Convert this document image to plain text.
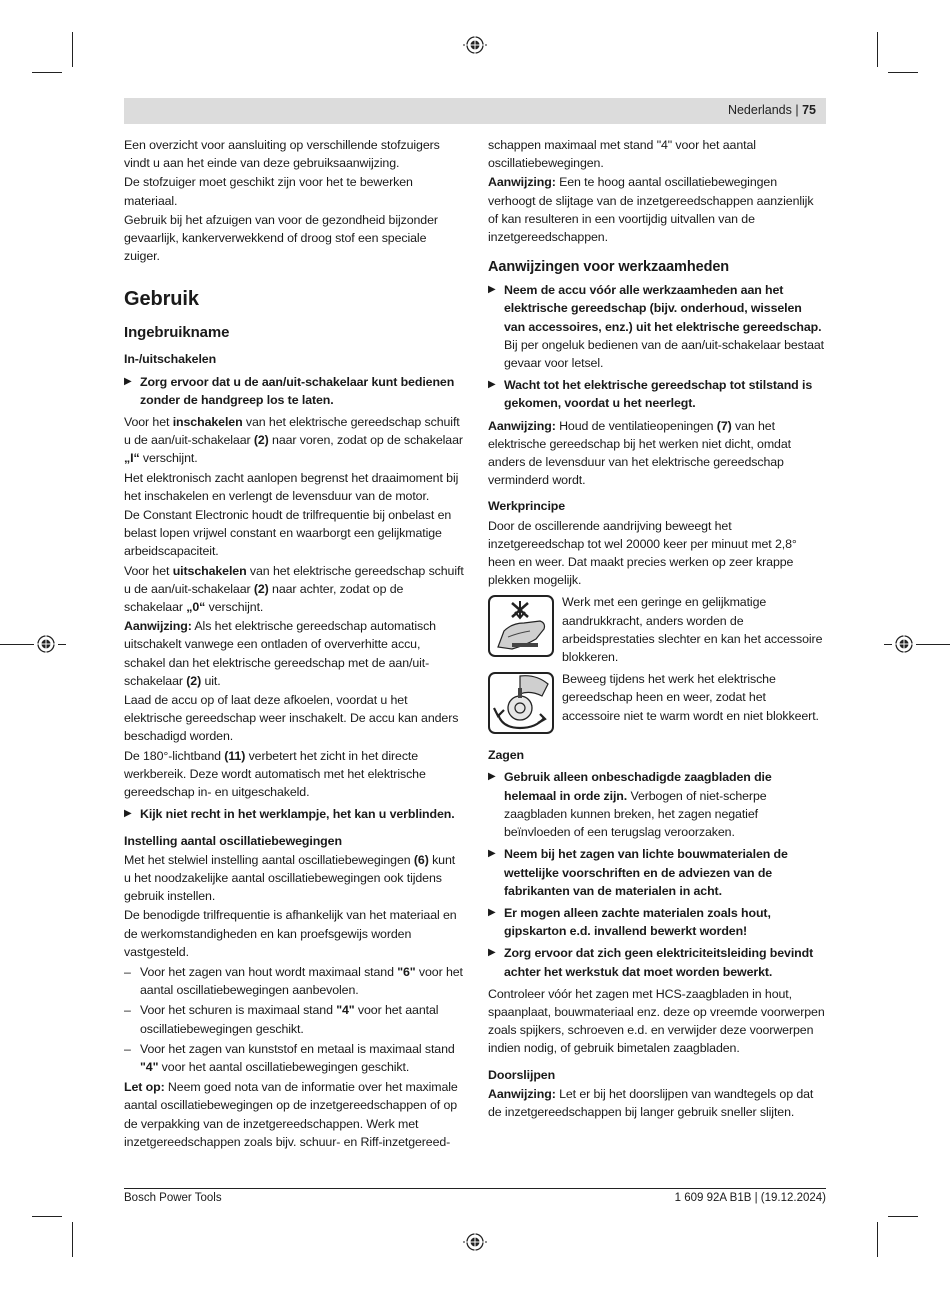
Nederlands | 75

Een overzicht voor aansluiting op verschillende stofzuigers vindt u aan het einde van deze gebruiksaanwijzing.

De stofzuiger moet geschikt zijn voor het te bewerken materiaal.

Gebruik bij het afzuigen van voor de gezondheid bijzonder gevaarlijk, kankerverwekkend of droog stof een speciale zuiger.

Gebruik
Ingebruikname

In-/uitschakelen

▶ Zorg ervoor dat u de aan/uit-schakelaar kunt bedienen zonder de handgreep los te laten.

Voor het inschakelen van het elektrische gereedschap schuift u de aan/uit-schakelaar (2) naar voren, zodat op de schakelaar „I“ verschijnt.

Het elektronisch zacht aanlopen begrenst het draaimoment bij het inschakelen en verlengt de levensduur van de motor.

De Constant Electronic houdt de trilfrequentie bij onbelast en belast lopen vrijwel constant en waarborgt een gelijkmatige arbeidscapaciteit.

Voor het uitschakelen van het elektrische gereedschap schuift u de aan/uit-schakelaar (2) naar achter, zodat op de schakelaar „0“ verschijnt.

Aanwijzing: Als het elektrische gereedschap automatisch uitschakelt vanwege een ontladen of oververhitte accu, schakel dan het elektrische gereedschap met de aan/uit-schakelaar (2) uit.

Laad de accu op of laat deze afkoelen, voordat u het elektrische gereedschap weer inschakelt. De accu kan anders beschadigd worden.

De 180°-lichtband (11) verbetert het zicht in het directe werkbereik. Deze wordt automatisch met het elektrische gereedschap in- en uitgeschakeld.

▶ Kijk niet recht in het werklampje, het kan u verblinden.

Instelling aantal oscillatiebewegingen

Met het stelwiel instelling aantal oscillatiebewegingen (6) kunt u het noodzakelijke aantal oscillatiebewegingen ook tijdens gebruik instellen.

De benodigde trilfrequentie is afhankelijk van het materiaal en de werkomstandigheden en kan proefsgewijs worden vastgesteld.

– Voor het zagen van hout wordt maximaal stand "6" voor het aantal oscillatiebewegingen aanbevolen.
– Voor het schuren is maximaal stand "4" voor het aantal oscillatiebewegingen geschikt.
– Voor het zagen van kunststof en metaal is maximaal stand "4" voor het aantal oscillatiebewegingen geschikt.

Let op: Neem goed nota van de informatie over het maximale aantal oscillatiebewegingen op de inzetgereedschappen of op de verpakking van de inzetgereedschappen. Werk met inzetgereedschappen zoals bijv. schuur- en Riff-inzetgereed-

schappen maximaal met stand "4" voor het aantal oscillatiebewegingen.

Aanwijzing: Een te hoog aantal oscillatiebewegingen verhoogt de slijtage van de inzetgereedschappen aanzienlijk of kan resulteren in een voortijdig uitvallen van de inzetgereedschappen.

Aanwijzingen voor werkzaamheden
▶ Neem de accu vóór alle werkzaamheden aan het elektrische gereedschap (bijv. onderhoud, wisselen van accessoires, enz.) uit het elektrische gereedschap. Bij per ongeluk bedienen van de aan/uit-schakelaar bestaat gevaar voor letsel.
▶ Wacht tot het elektrische gereedschap tot stilstand is gekomen, voordat u het neerlegt.

Aanwijzing: Houd de ventilatieopeningen (7) van het elektrische gereedschap bij het werken niet dicht, omdat anders de levensduur van het elektrische gereedschap verminderd wordt.

Werkprincipe

Door de oscillerende aandrijving beweegt het inzetgereedschap tot wel 20000 keer per minuut met 2,8° heen en weer. Dat maakt precies werken op zeer krappe plekken mogelijk.

Werk met een geringe en gelijkmatige aandrukkracht, anders worden de arbeidsprestaties slechter en kan het accessoire blokkeren.
Beweeg tijdens het werk het elektrische gereedschap heen en weer, zodat het accessoire niet te warm wordt en niet blokkeert.

Zagen

▶ Gebruik alleen onbeschadigde zaagbladen die helemaal in orde zijn. Verbogen of niet-scherpe zaagbladen kunnen breken, het zagen negatief beïnvloeden of een terugslag veroorzaken.
▶ Neem bij het zagen van lichte bouwmaterialen de wettelijke voorschriften en de adviezen van de fabrikanten van de materialen in acht.
▶ Er mogen alleen zachte materialen zoals hout, gipskarton e.d. invallend bewerkt worden!
▶ Zorg ervoor dat zich geen elektriciteitsleiding bevindt achter het werkstuk dat moet worden bewerkt.

Controleer vóór het zagen met HCS-zaagbladen in hout, spaanplaat, bouwmateriaal enz. deze op vreemde voorwerpen zoals spijkers, schroeven e.d. en verwijder deze voorwerpen indien nodig, of gebruik bimetalen zaagbladen.

Doorslijpen

Aanwijzing: Let er bij het doorslijpen van wandtegels op dat de inzetgereedschappen bij langer gebruik sneller slijten.

Bosch Power Tools	1 609 92A B1B | (19.12.2024)
